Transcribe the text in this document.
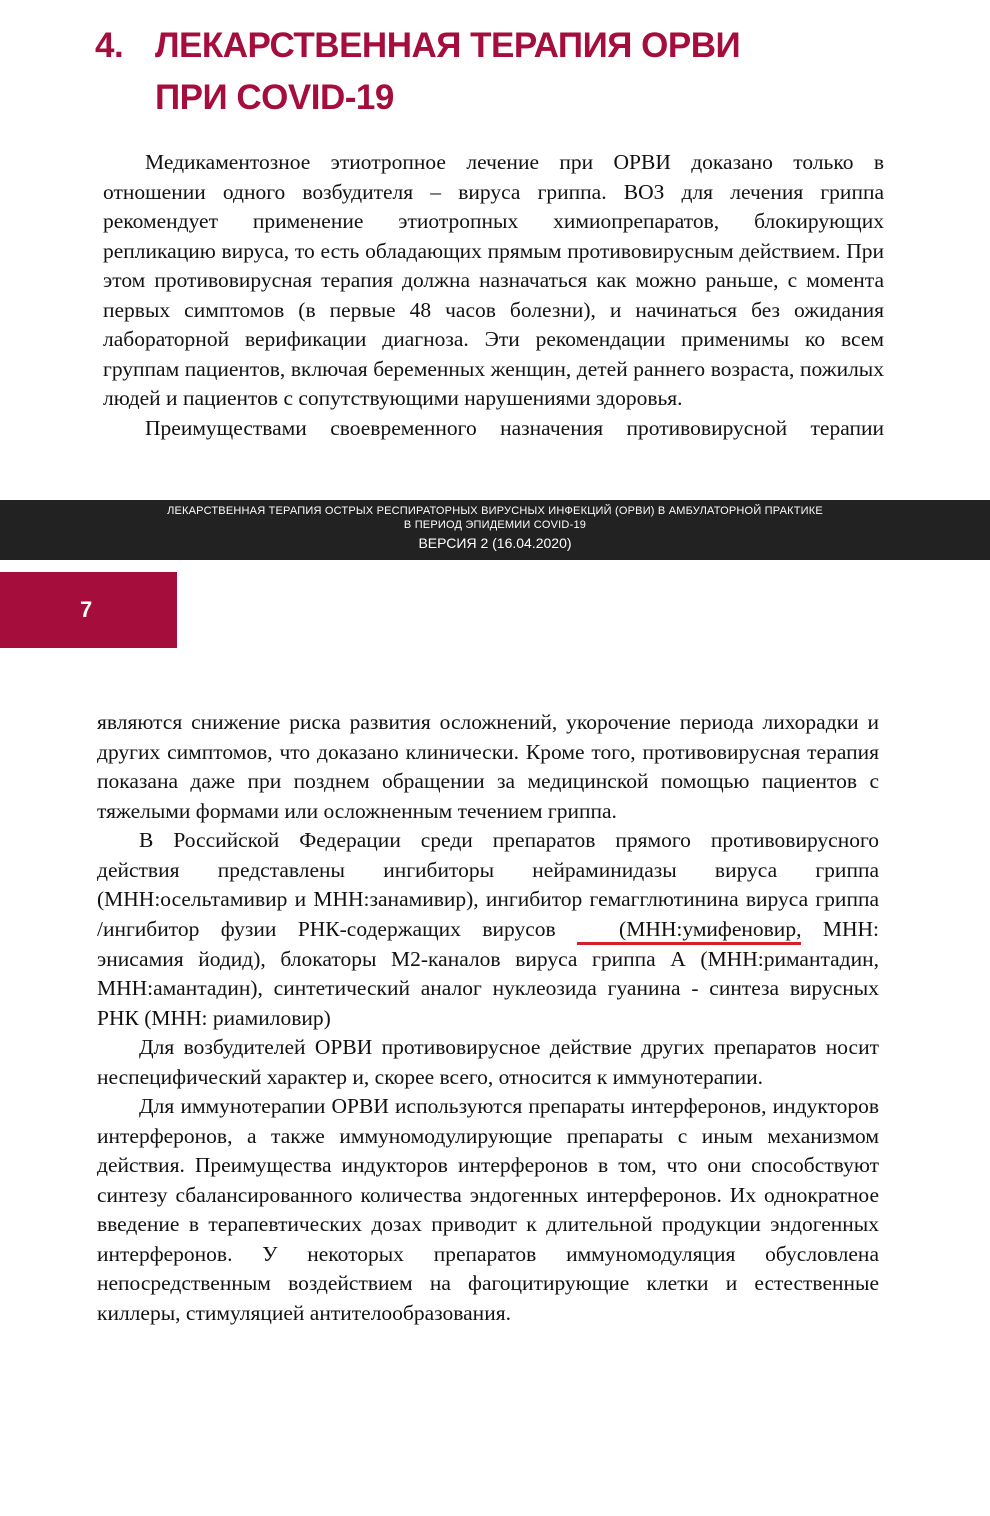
4. ЛЕКАРСТВЕННАЯ ТЕРАПИЯ ОРВИ
ПРИ COVID-19

Медикаментозное этиотропное лечение при ОРВИ доказано только в отношении одного возбудителя – вируса гриппа. ВОЗ для лечения гриппа рекомендует применение этиотропных химиопрепаратов, блокирующих репликацию вируса, то есть обладающих прямым противовирусным действием. При этом противовирусная терапия должна назначаться как можно раньше, с момента первых симптомов (в первые 48 часов болезни), и начинаться без ожидания лабораторной верификации диагноза. Эти рекомендации применимы ко всем группам пациентов, включая беременных женщин, детей раннего возраста, пожилых людей и пациентов с сопутствующими нарушениями здоровья.

Преимуществами своевременного назначения противовирусной терапии

ЛЕКАРСТВЕННАЯ ТЕРАПИЯ ОСТРЫХ РЕСПИРАТОРНЫХ ВИРУСНЫХ ИНФЕКЦИЙ (ОРВИ) В АМБУЛАТОРНОЙ ПРАКТИКЕ
В ПЕРИОД ЭПИДЕМИИ COVID-19
ВЕРСИЯ 2 (16.04.2020)
7

являются снижение риска развития осложнений, укорочение периода лихорадки и других симптомов, что доказано клинически. Кроме того, противовирусная терапия показана даже при позднем обращении за медицинской помощью пациентов с тяжелыми формами или осложненным течением гриппа.

В Российской Федерации среди препаратов прямого противовирусного действия представлены ингибиторы нейраминидазы вируса гриппа (МНН:осельтамивир и МНН:занамивир), ингибитор гемагглютинина вируса гриппа /ингибитор фузии РНК-содержащих вирусов (МНН:умифеновир, МНН: энисамия йодид), блокаторы М2-каналов вируса гриппа А (МНН:римантадин, МНН:амантадин), синтетический аналог нуклеозида гуанина - синтеза вирусных РНК (МНН: риамиловир)

Для возбудителей ОРВИ противовирусное действие других препаратов носит неспецифический характер и, скорее всего, относится к иммунотерапии.

Для иммунотерапии ОРВИ используются препараты интерферонов, индукторов интерферонов, а также иммуномодулирующие препараты с иным механизмом действия. Преимущества индукторов интерферонов в том, что они способствуют синтезу сбалансированного количества эндогенных интерферонов. Их однократное введение в терапевтических дозах приводит к длительной продукции эндогенных интерферонов. У некоторых препаратов иммуномодуляция обусловлена непосредственным воздействием на фагоцитирующие клетки и естественные киллеры, стимуляцией антителообразования.
